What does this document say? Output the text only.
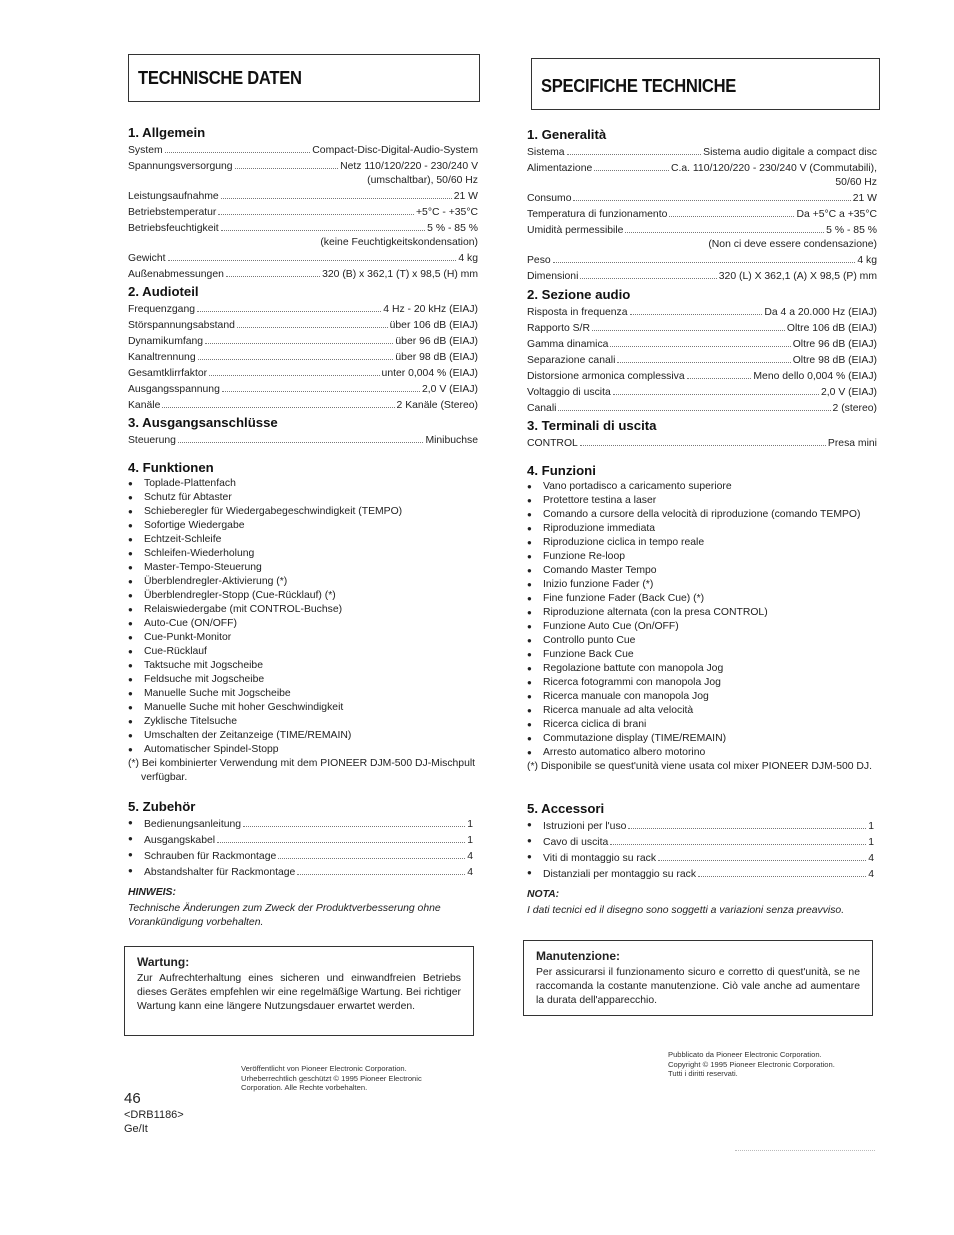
TECHNISCHE DATEN
1. Allgemein
System	Compact-Disc-Digital-Audio-System
Spannungsversorgung	Netz 110/120/220 - 230/240 V
(umschaltbar), 50/60 Hz
Leistungsaufnahme	21 W
Betriebstemperatur	+5°C - +35°C
Betriebsfeuchtigkeit	5 % - 85 %
(keine Feuchtigkeitskondensation)
Gewicht	4 kg
Außenabmessungen	320 (B) x 362,1 (T) x 98,5 (H) mm
2. Audioteil
Frequenzgang	4 Hz - 20 kHz (EIAJ)
Störspannungsabstand	über 106 dB (EIAJ)
Dynamikumfang	über 96 dB (EIAJ)
Kanaltrennung	über 98 dB (EIAJ)
Gesamtklirrfaktor	unter 0,004 % (EIAJ)
Ausgangsspannung	2,0 V (EIAJ)
Kanäle	2 Kanäle (Stereo)
3. Ausgangsanschlüsse
Steuerung	Minibuchse
4. Funktionen
● Toplade-Plattenfach
● Schutz für Abtaster
● Schieberegler für Wiedergabegeschwindigkeit (TEMPO)
● Sofortige Wiedergabe
● Echtzeit-Schleife
● Schleifen-Wiederholung
● Master-Tempo-Steuerung
● Überblendregler-Aktivierung (*)
● Überblendregler-Stopp (Cue-Rücklauf) (*)
● Relaiswiedergabe (mit CONTROL-Buchse)
● Auto-Cue (ON/OFF)
● Cue-Punkt-Monitor
● Cue-Rücklauf
● Taktsuche mit Jogscheibe
● Feldsuche mit Jogscheibe
● Manuelle Suche mit Jogscheibe
● Manuelle Suche mit hoher Geschwindigkeit
● Zyklische Titelsuche
● Umschalten der Zeitanzeige (TIME/REMAIN)
● Automatischer Spindel-Stopp
(*) Bei kombinierter Verwendung mit dem PIONEER DJM-500 DJ-Mischpult verfügbar.
5. Zubehör
● Bedienungsanleitung	1
● Ausgangskabel	1
● Schrauben für Rackmontage	4
● Abstandshalter für Rackmontage	4
HINWEIS:
Technische Änderungen zum Zweck der Produktverbesserung ohne Vorankündigung vorbehalten.
Wartung:

Zur Aufrechterhaltung eines sicheren und einwandfreien Betriebs dieses Gerätes empfehlen wir eine regelmäßige Wartung. Bei richtiger Wartung kann eine längere Nutzungsdauer erwartet werden.

SPECIFICHE TECHNICHE
1. Generalità
Sistema	Sistema audio digitale a compact disc
Alimentazione	C.a. 110/120/220 - 230/240 V (Commutabili),
50/60 Hz
Consumo	21 W
Temperatura di funzionamento	Da +5°C a +35°C
Umidità permessibile	5 % - 85 %
(Non ci deve essere condensazione)
Peso	4 kg
Dimensioni	320 (L) X 362,1 (A) X 98,5 (P) mm
2. Sezione audio
Risposta in frequenza	Da 4 a 20.000 Hz (EIAJ)
Rapporto S/R	Oltre 106 dB (EIAJ)
Gamma dinamica	Oltre 96 dB (EIAJ)
Separazione canali	Oltre 98 dB (EIAJ)
Distorsione armonica complessiva	Meno dello 0,004 % (EIAJ)
Voltaggio di uscita	2,0 V (EIAJ)
Canali	2 (stereo)
3. Terminali di uscita
CONTROL	Presa mini
4. Funzioni
● Vano portadisco a caricamento superiore
● Protettore testina a laser
● Comando a cursore della velocità di riproduzione (comando TEMPO)
● Riproduzione immediata
● Riproduzione ciclica in tempo reale
● Funzione Re-loop
● Comando Master Tempo
● Inizio funzione Fader (*)
● Fine funzione Fader (Back Cue) (*)
● Riproduzione alternata (con la presa CONTROL)
● Funzione Auto Cue (On/OFF)
● Controllo punto Cue
● Funzione Back Cue
● Regolazione battute con manopola Jog
● Ricerca fotogrammi con manopola Jog
● Ricerca manuale con manopola Jog
● Ricerca manuale ad alta velocità
● Ricerca ciclica di brani
● Commutazione display (TIME/REMAIN)
● Arresto automatico albero motorino
(*) Disponibile se quest'unità viene usata col mixer PIONEER DJM-500 DJ.
5. Accessori
● Istruzioni per l'uso	1
● Cavo di uscita	1
● Viti di montaggio su rack	4
● Distanziali per montaggio su rack	4
NOTA:
I dati tecnici ed il disegno sono soggetti a variazioni senza preavviso.
Manutenzione:

Per assicurarsi il funzionamento sicuro e corretto di quest'unità, se ne raccomanda la costante manutenzione. Ciò vale anche ad aumentare la durata dell'apparecchio.

Veröffentlicht von Pioneer Electronic Corporation.
Urheberrechtlich geschützt © 1995 Pioneer Electronic
Corporation. Alle Rechte vorbehalten.
Pubblicato da Pioneer Electronic Corporation.
Copyright © 1995 Pioneer Electronic Corporation.
Tutti i diritti reservati.
46
<DRB1186>
Ge/It
